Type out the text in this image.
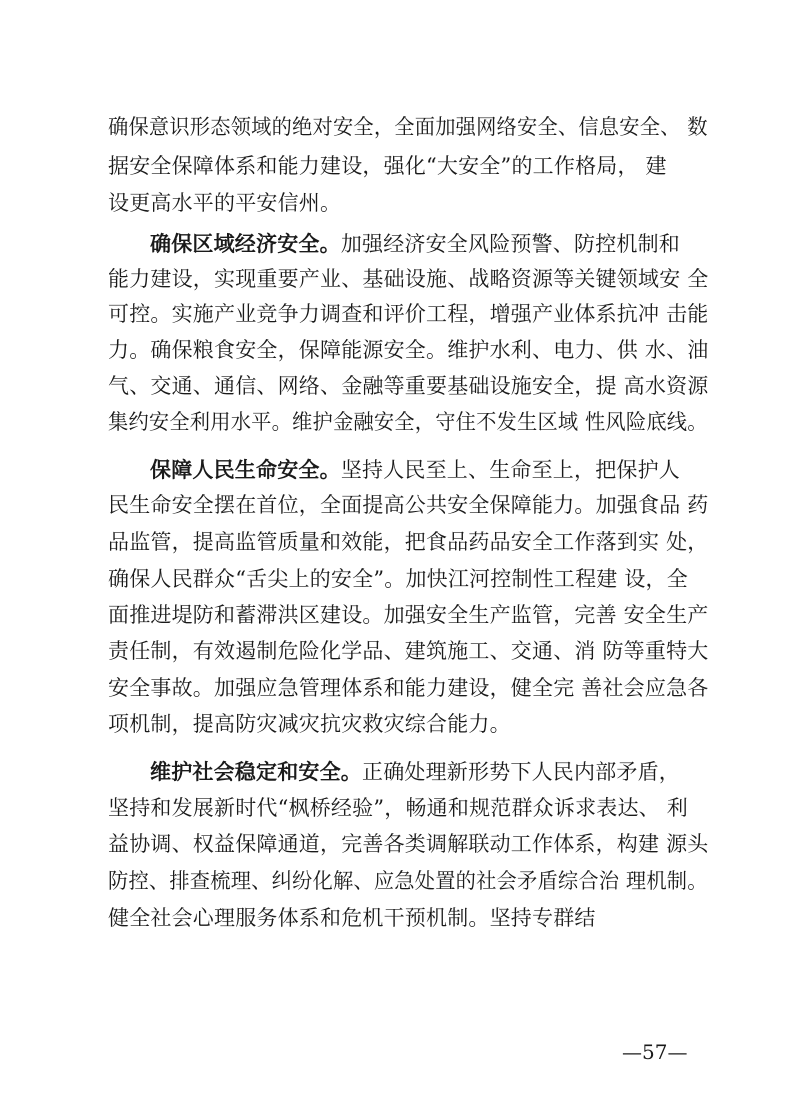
确保意识形态领域的绝对安全，全面加强网络安全、信息安全、 数
据安全保障体系和能力建设，强化“大安全”的工作格局， 建
设更高水平的平安信州。
确保区域经济安全。加强经济安全风险预警、防控机制和
能力建设，实现重要产业、基础设施、战略资源等关键领域安 全
可控。实施产业竞争力调查和评价工程，增强产业体系抗冲 击能
力。确保粮食安全，保障能源安全。维护水利、电力、供 水、油
气、交通、通信、网络、金融等重要基础设施安全，提 高水资源
集约安全利用水平。维护金融安全，守住不发生区域 性风险底线。
保障人民生命安全。坚持人民至上、生命至上，把保护人
民生命安全摆在首位，全面提高公共安全保障能力。加强食品 药
品监管，提高监管质量和效能，把食品药品安全工作落到实 处，
确保人民群众“舌尖上的安全”。加快江河控制性工程建 设，全
面推进堤防和蓄滞洪区建设。加强安全生产监管，完善 安全生产
责任制，有效遏制危险化学品、建筑施工、交通、消 防等重特大
安全事故。加强应急管理体系和能力建设，健全完 善社会应急各
项机制，提高防灾减灾抗灾救灾综合能力。
维护社会稳定和安全。正确处理新形势下人民内部矛盾，
坚持和发展新时代“枫桥经验”，畅通和规范群众诉求表达、 利
益协调、权益保障通道，完善各类调解联动工作体系，构建 源头
防控、排查梳理、纠纷化解、应急处置的社会矛盾综合治 理机制。
健全社会心理服务体系和危机干预机制。坚持专群结
—57—
